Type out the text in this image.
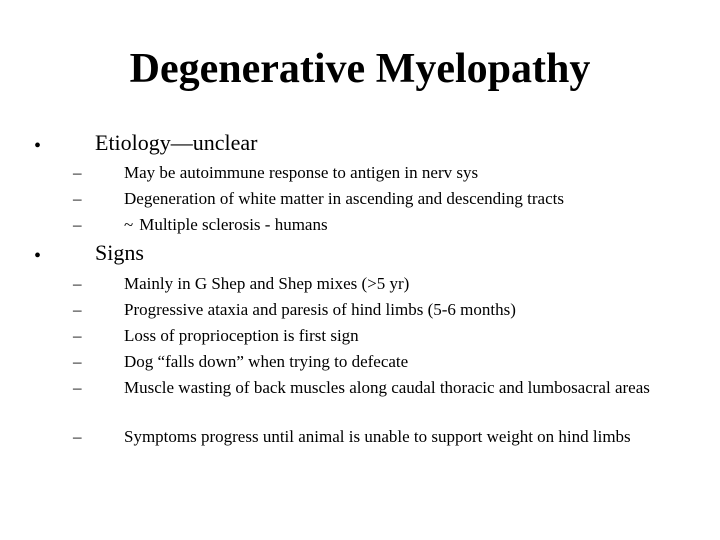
Degenerative Myelopathy
• Etiology—unclear
–	May be autoimmune response to antigen in nerv sys
–	Degeneration of white matter in ascending and descending tracts
–	~ Multiple sclerosis - humans
• Signs
–	Mainly in G Shep and Shep mixes (>5 yr)
–	Progressive ataxia and paresis of hind limbs (5-6 months)
–	Loss of proprioception is first sign
–	Dog “falls down” when trying to defecate
–	Muscle wasting of back muscles along caudal thoracic and lumbosacral areas
–	Symptoms progress until animal is unable to support weight on hind limbs
